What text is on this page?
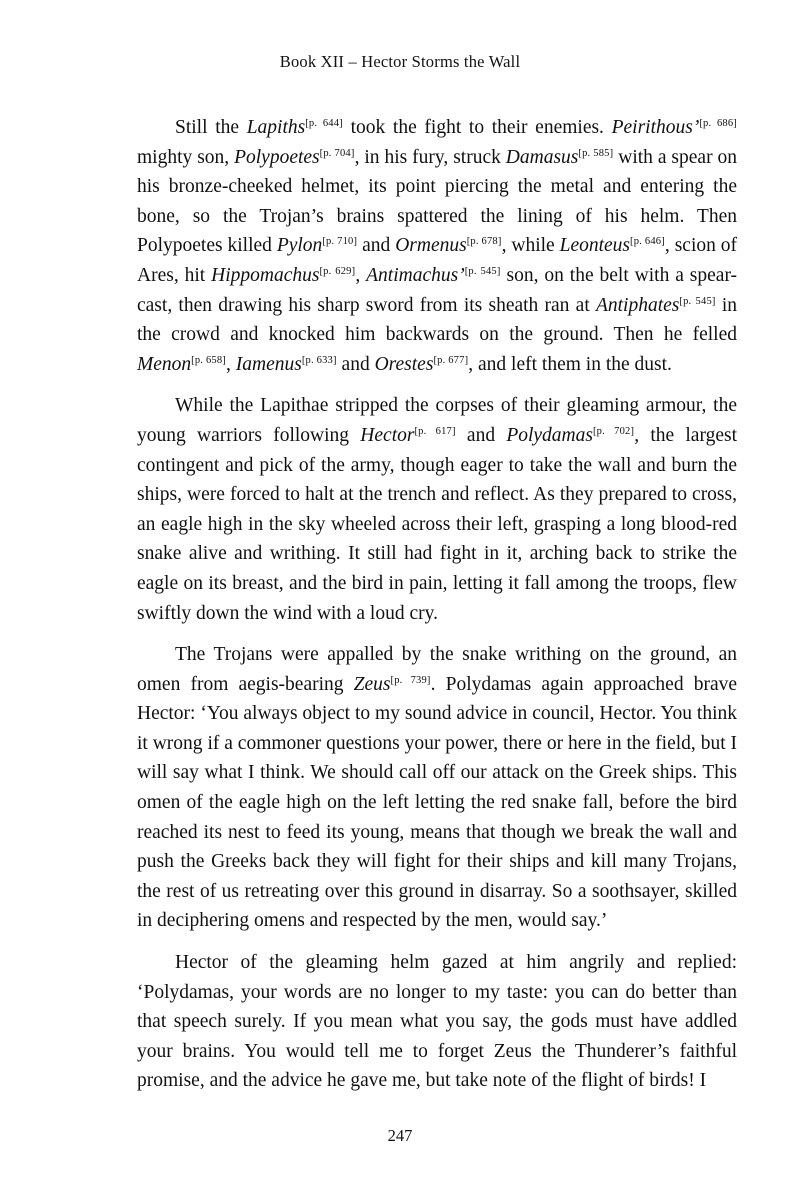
Book XII – Hector Storms the Wall

Still the Lapiths[p. 644] took the fight to their enemies. Peirithous’[p. 686] mighty son, Polypoetes[p. 704], in his fury, struck Damasus[p. 585] with a spear on his bronze-cheeked helmet, its point piercing the metal and entering the bone, so the Trojan’s brains spattered the lining of his helm. Then Polypoetes killed Pylon[p. 710] and Ormenus[p. 678], while Leonteus[p. 646], scion of Ares, hit Hippomachus[p. 629], Antimachus’[p. 545] son, on the belt with a spear-cast, then drawing his sharp sword from its sheath ran at Antiphates[p. 545] in the crowd and knocked him backwards on the ground. Then he felled Menon[p. 658], Iamenus[p. 633] and Orestes[p. 677], and left them in the dust.

While the Lapithae stripped the corpses of their gleaming armour, the young warriors following Hector[p. 617] and Polydamas[p. 702], the largest contingent and pick of the army, though eager to take the wall and burn the ships, were forced to halt at the trench and reflect. As they prepared to cross, an eagle high in the sky wheeled across their left, grasping a long blood-red snake alive and writhing. It still had fight in it, arching back to strike the eagle on its breast, and the bird in pain, letting it fall among the troops, flew swiftly down the wind with a loud cry.

The Trojans were appalled by the snake writhing on the ground, an omen from aegis-bearing Zeus[p. 739]. Polydamas again approached brave Hector: ‘You always object to my sound advice in council, Hector. You think it wrong if a commoner questions your power, there or here in the field, but I will say what I think. We should call off our attack on the Greek ships. This omen of the eagle high on the left letting the red snake fall, before the bird reached its nest to feed its young, means that though we break the wall and push the Greeks back they will fight for their ships and kill many Trojans, the rest of us retreating over this ground in disarray. So a soothsayer, skilled in deciphering omens and respected by the men, would say.’

Hector of the gleaming helm gazed at him angrily and replied: ‘Polydamas, your words are no longer to my taste: you can do better than that speech surely. If you mean what you say, the gods must have addled your brains. You would tell me to forget Zeus the Thunderer’s faithful promise, and the advice he gave me, but take note of the flight of birds! I

247
